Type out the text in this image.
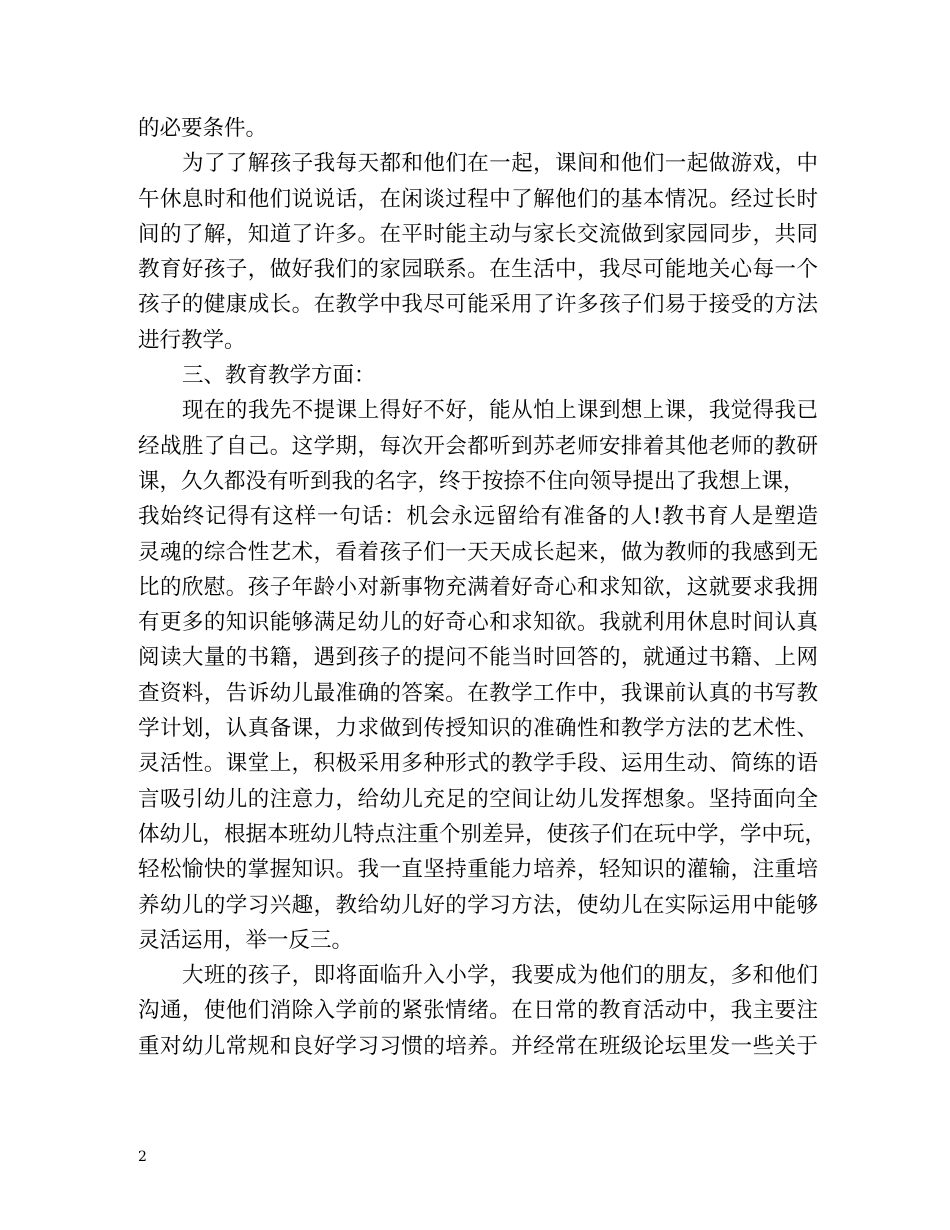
的必要条件。
为了了解孩子我每天都和他们在一起，课间和他们一起做游戏，中
午休息时和他们说说话，在闲谈过程中了解他们的基本情况。经过长时
间的了解，知道了许多。在平时能主动与家长交流做到家园同步，共同
教育好孩子，做好我们的家园联系。在生活中，我尽可能地关心每一个
孩子的健康成长。在教学中我尽可能采用了许多孩子们易于接受的方法
进行教学。
三、教育教学方面：
现在的我先不提课上得好不好，能从怕上课到想上课，我觉得我已
经战胜了自己。这学期，每次开会都听到苏老师安排着其他老师的教研
课，久久都没有听到我的名字，终于按捺不住向领导提出了我想上课，
我始终记得有这样一句话：机会永远留给有准备的人!教书育人是塑造
灵魂的综合性艺术，看着孩子们一天天成长起来，做为教师的我感到无
比的欣慰。孩子年龄小对新事物充满着好奇心和求知欲，这就要求我拥
有更多的知识能够满足幼儿的好奇心和求知欲。我就利用休息时间认真
阅读大量的书籍，遇到孩子的提问不能当时回答的，就通过书籍、上网
查资料，告诉幼儿最准确的答案。在教学工作中，我课前认真的书写教
学计划，认真备课，力求做到传授知识的准确性和教学方法的艺术性、
灵活性。课堂上，积极采用多种形式的教学手段、运用生动、简练的语
言吸引幼儿的注意力，给幼儿充足的空间让幼儿发挥想象。坚持面向全
体幼儿，根据本班幼儿特点注重个别差异，使孩子们在玩中学，学中玩，
轻松愉快的掌握知识。我一直坚持重能力培养，轻知识的灌输，注重培
养幼儿的学习兴趣，教给幼儿好的学习方法，使幼儿在实际运用中能够
灵活运用，举一反三。
大班的孩子，即将面临升入小学，我要成为他们的朋友，多和他们
沟通，使他们消除入学前的紧张情绪。在日常的教育活动中，我主要注
重对幼儿常规和良好学习习惯的培养。并经常在班级论坛里发一些关于
2
